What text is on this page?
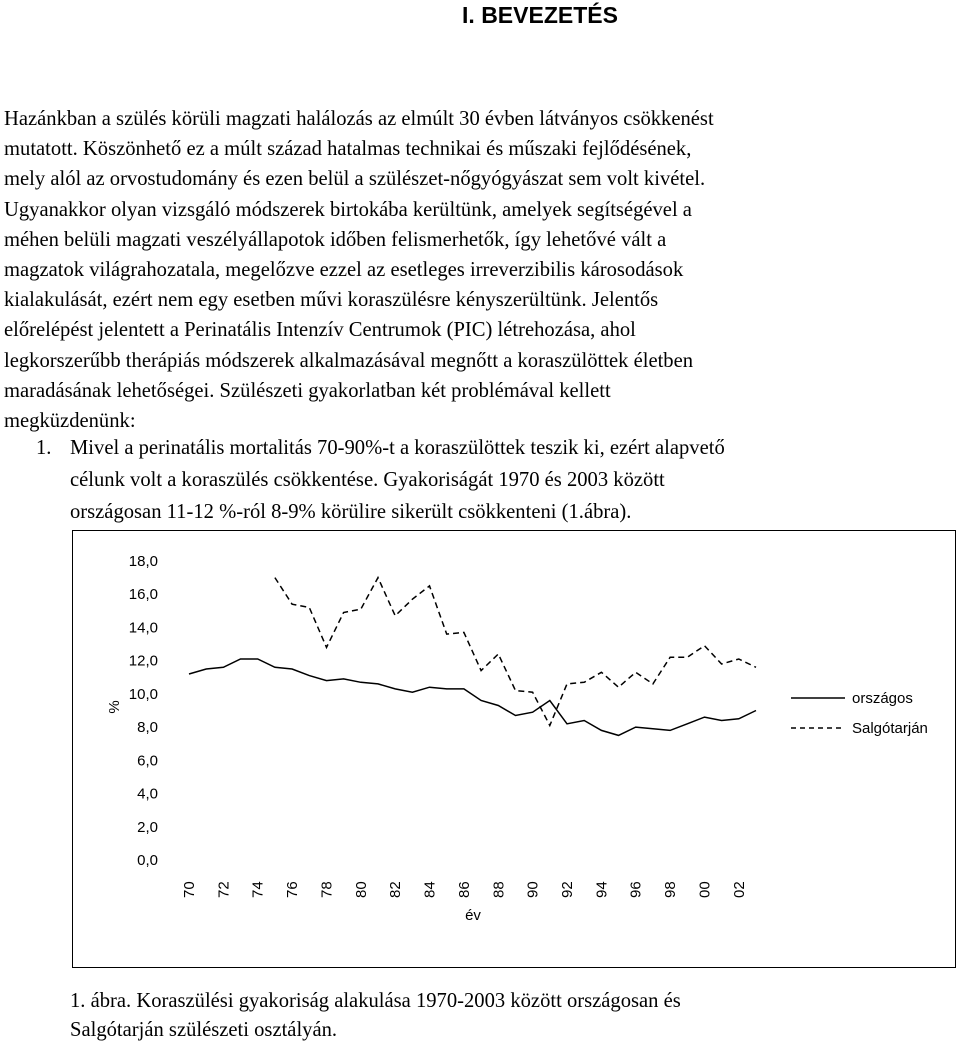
I. BEVEZETÉS
Hazánkban a szülés körüli magzati halálozás az elmúlt 30 évben látványos csökkenést
mutatott. Köszönhető ez a múlt század hatalmas technikai és műszaki fejlődésének,
mely alól az orvostudomány és ezen belül a szülészet-nőgyógyászat sem volt kivétel.
Ugyanakkor olyan vizsgáló módszerek birtokába kerültünk, amelyek segítségével a
méhen belüli magzati veszélyállapotok időben felismerhetők, így lehetővé vált a
magzatok világrahozatala, megelőzve ezzel az esetleges irreverzibilis károsodások
kialakulását, ezért nem egy esetben művi koraszülésre kényszerültünk. Jelentős
előrelépést jelentett a Perinatális Intenzív Centrumok (PIC) létrehozása, ahol
legkorszerűbb therápiás módszerek alkalmazásával megnőtt a koraszülöttek életben
maradásának lehetőségei. Szülészeti gyakorlatban két problémával kellett
megküzdenünk:
1. Mivel a perinatális mortalitás 70-90%-t a koraszülöttek teszik ki, ezért alapvető
célunk volt a koraszülés csökkentése. Gyakoriságát 1970 és 2003 között
országosan 11-12 %-ról 8-9% körülire sikerült csökkenteni (1.ábra).
0,0
2,0
4,0
6,0
8,0
10,0
12,0
14,0
16,0
18,0
70 72 74 76 78 80 82 84 86 88 90 92 94 96 98 00 02
%
év
országos
Salgótarján
1. ábra. Koraszülési gyakoriság alakulása 1970-2003 között országosan és
Salgótarján szülészeti osztályán.
